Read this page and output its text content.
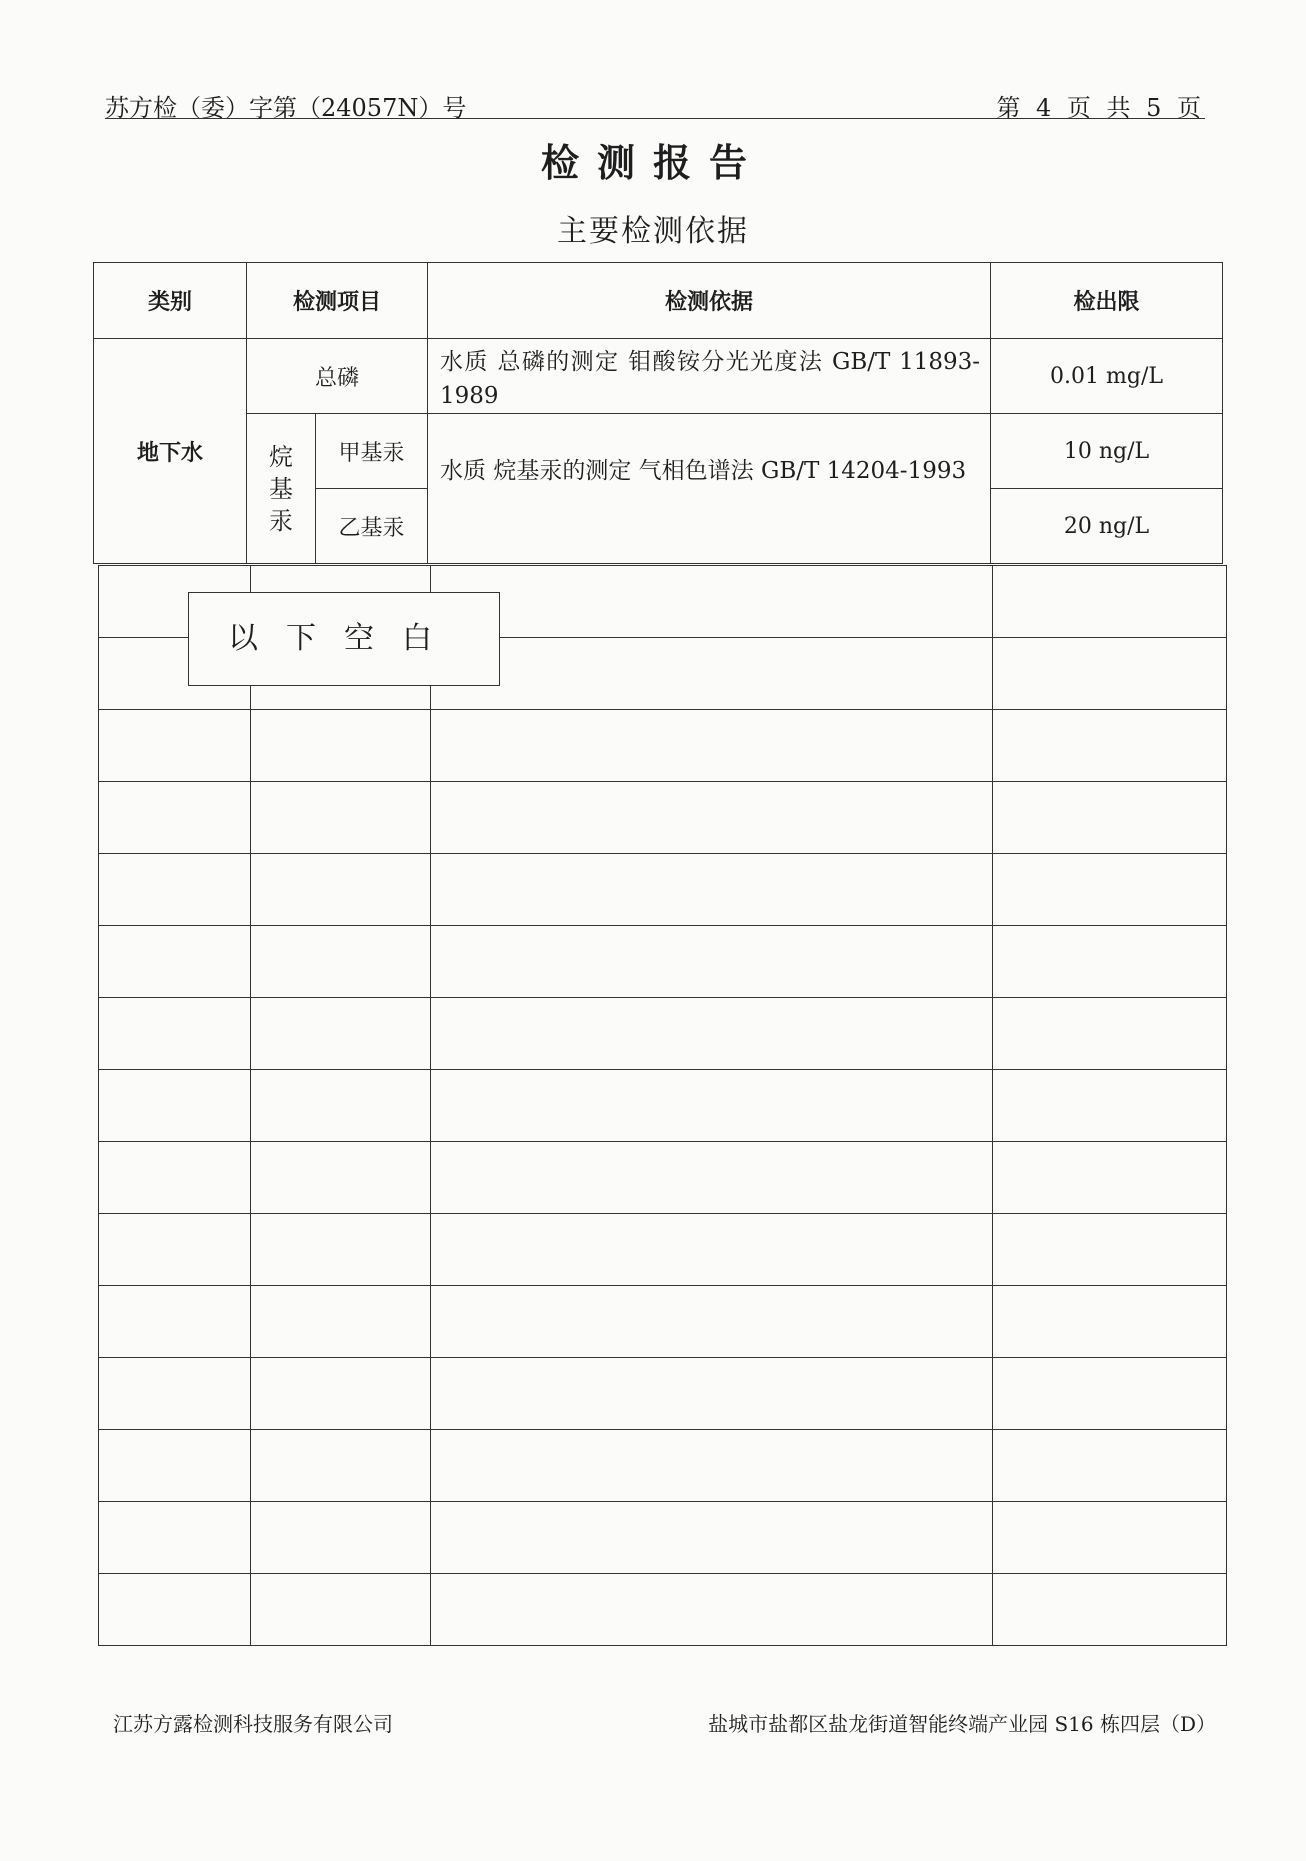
苏方检（委）字第（24057N）号	第 4 页 共 5 页
检测报告
主要检测依据
类别	检测项目		检测依据	检出限
地下水	总磷		水质 总磷的测定 钼酸铵分光光度法 GB/T 11893-1989	0.01 mg/L
	烷基汞	甲基汞	水质 烷基汞的测定 气相色谱法 GB/T 14204-1993	10 ng/L
		乙基汞		20 ng/L

以下空白
江苏方露检测科技服务有限公司	盐城市盐都区盐龙街道智能终端产业园 S16 栋四层（D）
